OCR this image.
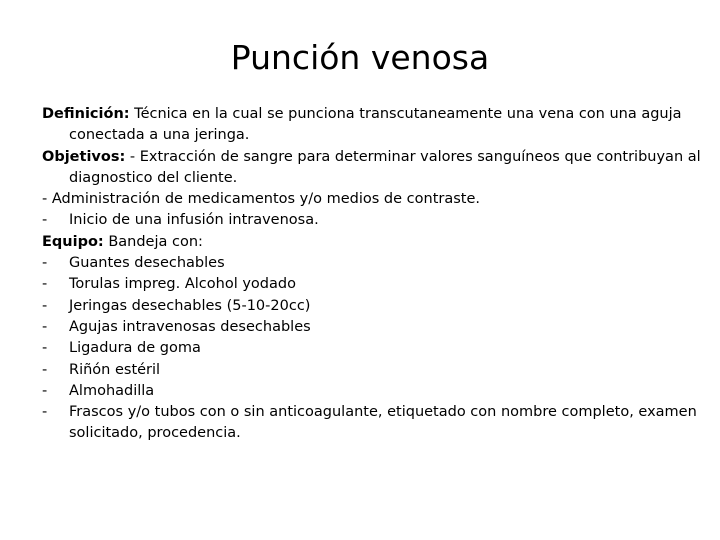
Punción venosa

Definición: Técnica en la cual se punciona transcutaneamente una vena con una aguja conectada a una jeringa.

Objetivos: - Extracción de sangre para determinar valores sanguíneos que contribuyan al diagnostico del cliente.

- Administración de medicamentos y/o medios de contraste.

- Inicio de una infusión intravenosa.

Equipo: Bandeja con:

- Guantes desechables

- Torulas impreg. Alcohol yodado

- Jeringas desechables (5-10-20cc)

- Agujas intravenosas desechables

- Ligadura de goma

- Riñón estéril

- Almohadilla

- Frascos y/o tubos con o sin anticoagulante, etiquetado con nombre completo, examen solicitado, procedencia.
